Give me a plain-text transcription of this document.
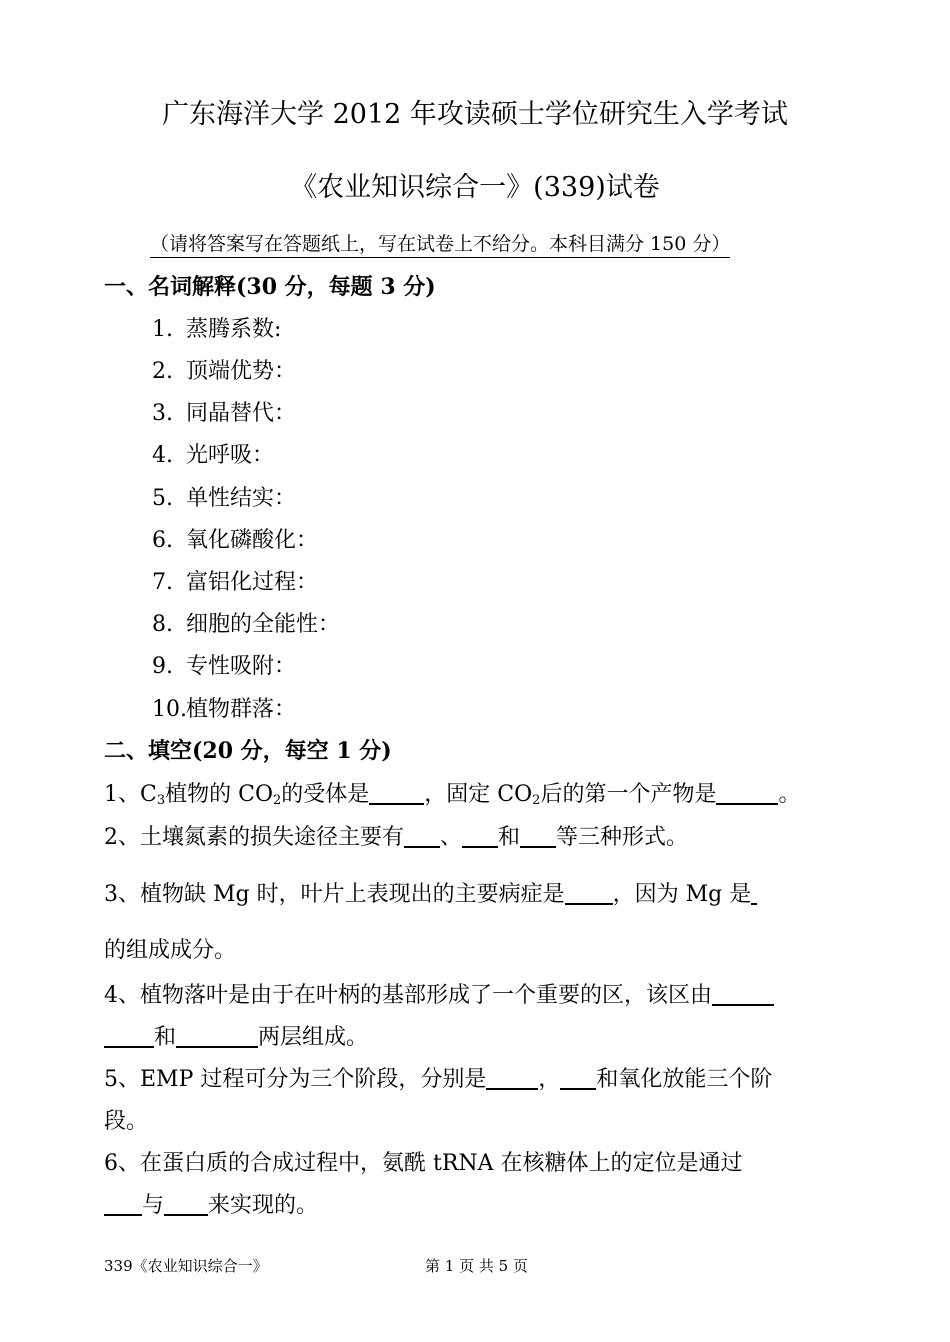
广东海洋大学 2012 年攻读硕士学位研究生入学考试
《农业知识综合一》(339)试卷
（请将答案写在答题纸上，写在试卷上不给分。本科目满分 150 分）
一、名词解释(30 分，每题 3 分)
1. 蒸腾系数:
2. 顶端优势：
3. 同晶替代：
4. 光呼吸：
5. 单性结实：
6. 氧化磷酸化：
7. 富铝化过程：
8. 细胞的全能性：
9. 专性吸附：
10.植物群落：
二、填空(20 分，每空 1 分)
1、$C_3$植物的 $CO_2$的受体是	，固定 $CO_2$后的第一个产物是	。
2、土壤氮素的损失途径主要有 、 和 等三种形式。
3、植物缺 Mg 时，叶片上表现出的主要病症是 ，因为 Mg 是
的组成成分。
4、植物落叶是由于在叶柄的基部形成了一个重要的区，该区由
和	两层组成。
5、EMP 过程可分为三个阶段，分别是 ， 和氧化放能三个阶
段。
6、在蛋白质的合成过程中，氨酰 tRNA 在核糖体上的定位是通过
与 来实现的。
339《农业知识综合一》	第 1 页 共 5 页
